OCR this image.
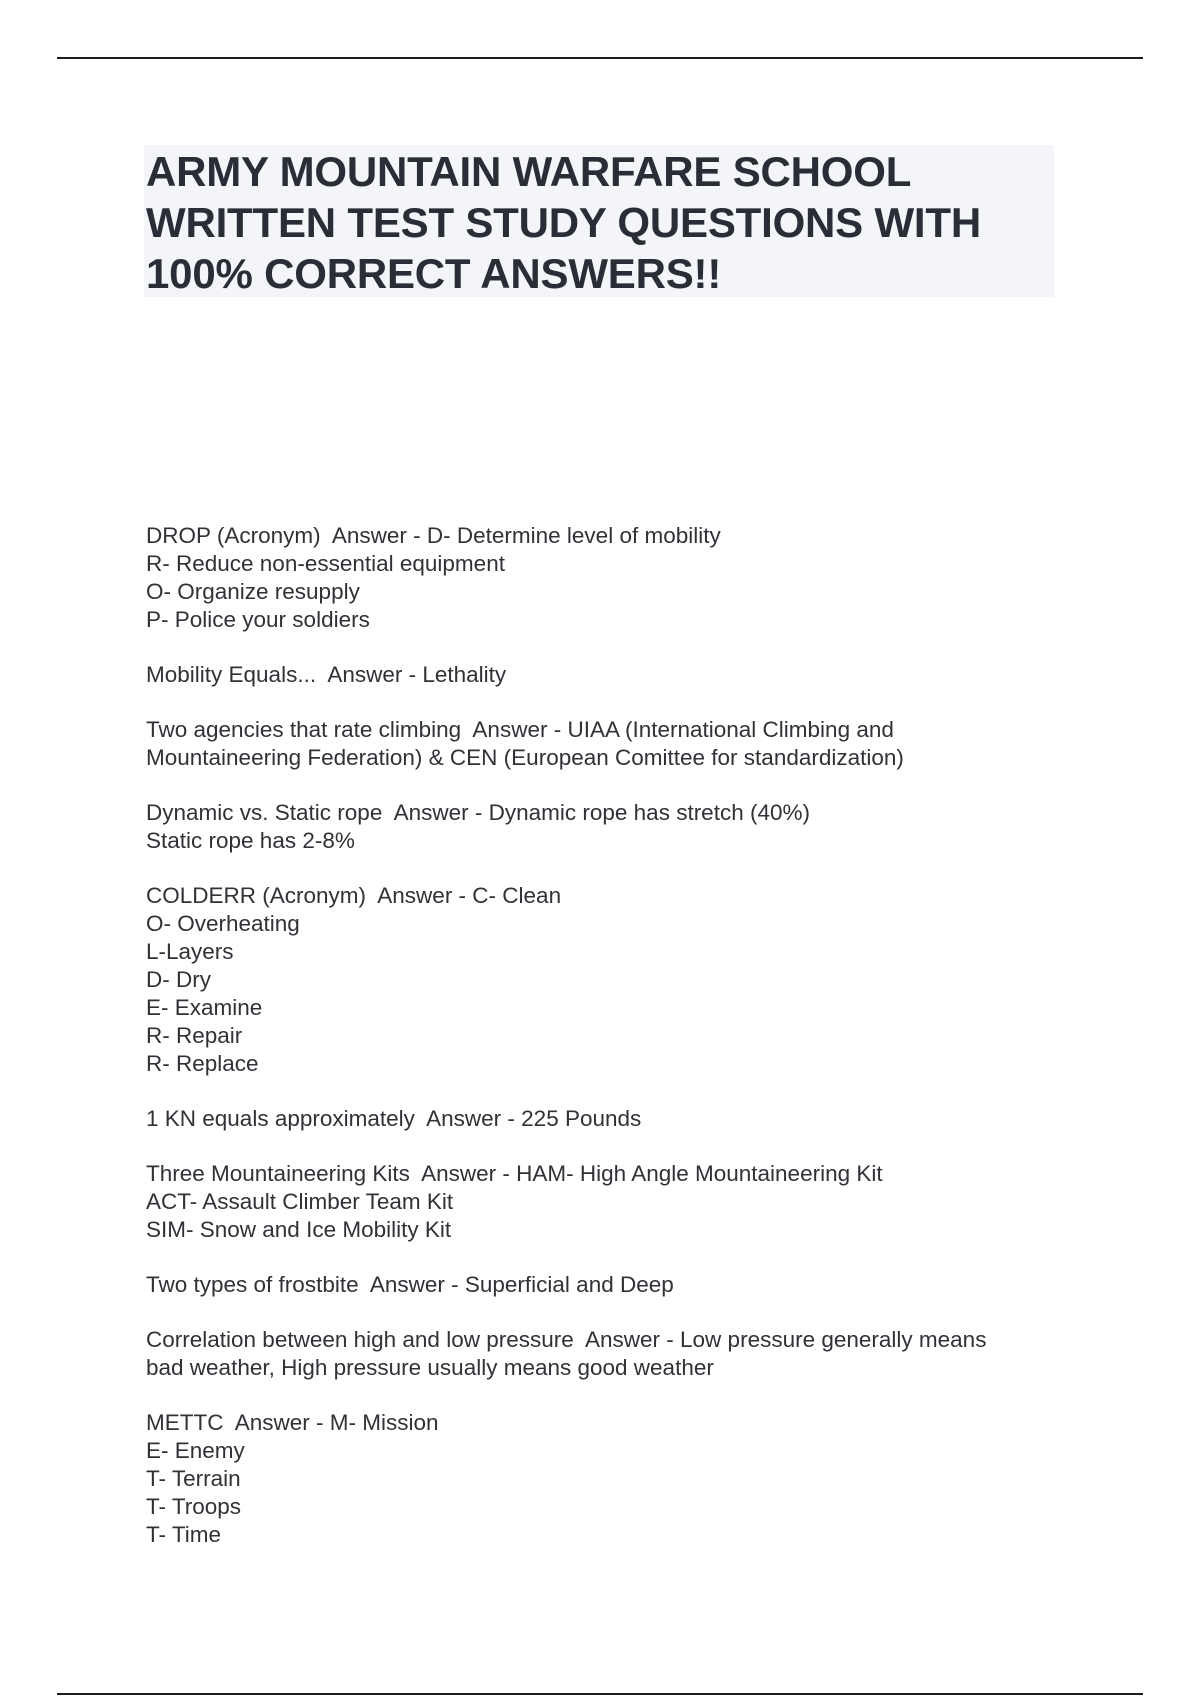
ARMY MOUNTAIN WARFARE SCHOOL
WRITTEN TEST STUDY QUESTIONS WITH
100% CORRECT ANSWERS!!
DROP (Acronym)  Answer - D- Determine level of mobility
R- Reduce non-essential equipment
O- Organize resupply
P- Police your soldiers
Mobility Equals...  Answer - Lethality
Two agencies that rate climbing  Answer - UIAA (International Climbing and
Mountaineering Federation) & CEN (European Comittee for standardization)
Dynamic vs. Static rope  Answer - Dynamic rope has stretch (40%)
Static rope has 2-8%
COLDERR (Acronym)  Answer - C- Clean
O- Overheating
L-Layers
D- Dry
E- Examine
R- Repair
R- Replace
1 KN equals approximately  Answer - 225 Pounds
Three Mountaineering Kits  Answer - HAM- High Angle Mountaineering Kit
ACT- Assault Climber Team Kit
SIM- Snow and Ice Mobility Kit
Two types of frostbite  Answer - Superficial and Deep
Correlation between high and low pressure  Answer - Low pressure generally means
bad weather, High pressure usually means good weather
METTC  Answer - M- Mission
E- Enemy
T- Terrain
T- Troops
T- Time
